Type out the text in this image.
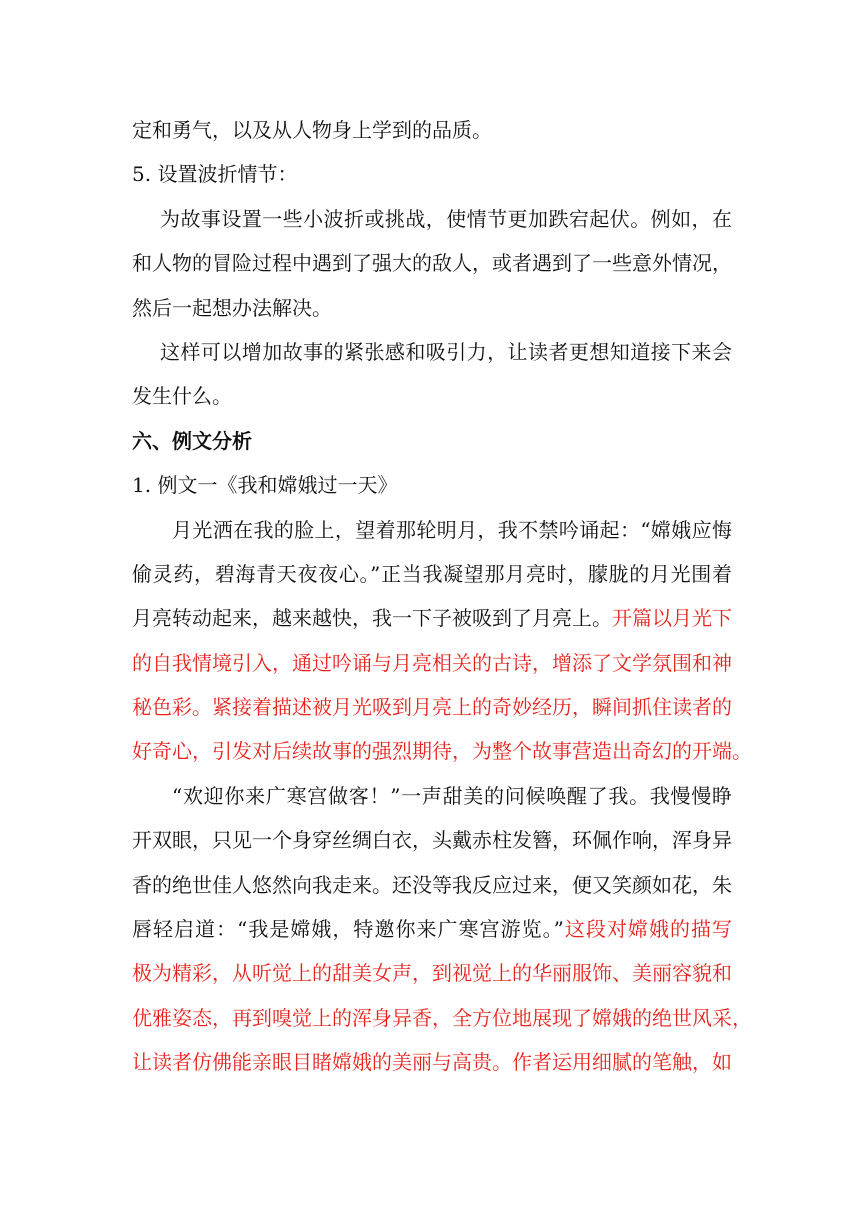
定和勇气，以及从人物身上学到的品质。
5. 设置波折情节：
为故事设置一些小波折或挑战，使情节更加跌宕起伏。例如，在
和人物的冒险过程中遇到了强大的敌人，或者遇到了一些意外情况，
然后一起想办法解决。
这样可以增加故事的紧张感和吸引力，让读者更想知道接下来会
发生什么。
六、例文分析
1. 例文一《我和嫦娥过一天》
月光洒在我的脸上，望着那轮明月，我不禁吟诵起：“嫦娥应悔
偷灵药，碧海青天夜夜心。”正当我凝望那月亮时，朦胧的月光围着
月亮转动起来，越来越快，我一下子被吸到了月亮上。开篇以月光下
的自我情境引入，通过吟诵与月亮相关的古诗，增添了文学氛围和神
秘色彩。紧接着描述被月光吸到月亮上的奇妙经历，瞬间抓住读者的
好奇心，引发对后续故事的强烈期待，为整个故事营造出奇幻的开端。
“欢迎你来广寒宫做客！”一声甜美的问候唤醒了我。我慢慢睁
开双眼，只见一个身穿丝绸白衣，头戴赤柱发簪，环佩作响，浑身异
香的绝世佳人悠然向我走来。还没等我反应过来，便又笑颜如花，朱
唇轻启道：“我是嫦娥，特邀你来广寒宫游览。”这段对嫦娥的描写
极为精彩，从听觉上的甜美女声，到视觉上的华丽服饰、美丽容貌和
优雅姿态，再到嗅觉上的浑身异香，全方位地展现了嫦娥的绝世风采，
让读者仿佛能亲眼目睹嫦娥的美丽与高贵。作者运用细腻的笔触，如
